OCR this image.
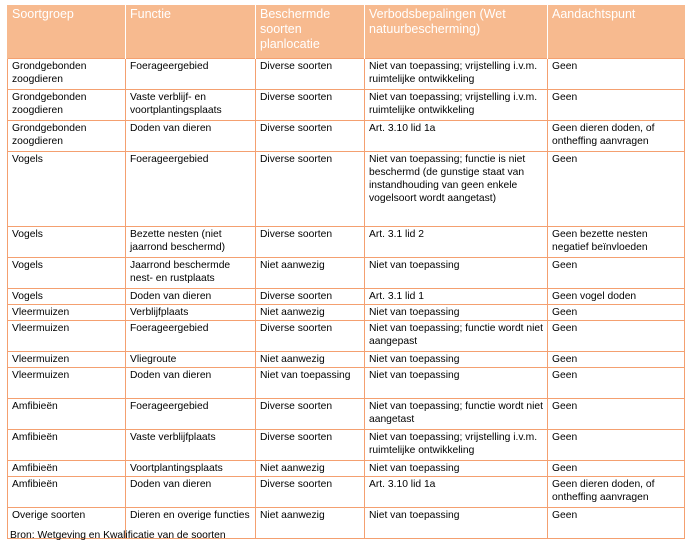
Soortgroep	Functie	Beschermde soorten planlocatie	Verbodsbepalingen (Wet natuurbescherming)	Aandachtspunt
Grondgebonden zoogdieren	Foerageergebied	Diverse soorten	Niet van toepassing; vrijstelling i.v.m. ruimtelijke ontwikkeling	Geen
Grondgebonden zoogdieren	Vaste verblijf- en voortplantingsplaats	Diverse soorten	Niet van toepassing; vrijstelling i.v.m. ruimtelijke ontwikkeling	Geen
Grondgebonden zoogdieren	Doden van dieren	Diverse soorten	Art. 3.10 lid 1a	Geen dieren doden, of ontheffing aanvragen
Vogels	Foerageergebied	Diverse soorten	Niet van toepassing; functie is niet beschermd (de gunstige staat van instandhouding van geen enkele vogelsoort wordt aangetast)	Geen
Vogels	Bezette nesten (niet jaarrond beschermd)	Diverse soorten	Art. 3.1 lid 2	Geen bezette nesten negatief beïnvloeden
Vogels	Jaarrond beschermde nest- en rustplaats	Niet aanwezig	Niet van toepassing	Geen
Vogels	Doden van dieren	Diverse soorten	Art. 3.1 lid 1	Geen vogel doden
Vleermuizen	Verblijfplaats	Niet aanwezig	Niet van toepassing	Geen
Vleermuizen	Foerageergebied	Diverse soorten	Niet van toepassing; functie wordt niet aangepast	Geen
Vleermuizen	Vliegroute	Niet aanwezig	Niet van toepassing	Geen
Vleermuizen	Doden van dieren	Niet van toepassing	Niet van toepassing	Geen
Amfibieën	Foerageergebied	Diverse soorten	Niet van toepassing; functie wordt niet aangetast	Geen
Amfibieën	Vaste verblijfplaats	Diverse soorten	Niet van toepassing; vrijstelling i.v.m. ruimtelijke ontwikkeling	Geen
Amfibieën	Voortplantingsplaats	Niet aanwezig	Niet van toepassing	Geen
Amfibieën	Doden van dieren	Diverse soorten	Art. 3.10 lid 1a	Geen dieren doden, of ontheffing aanvragen
Overige soorten	Dieren en overige functies	Niet aanwezig	Niet van toepassing	Geen
Bron: Wetgeving en Kwalificatie van de soorten
